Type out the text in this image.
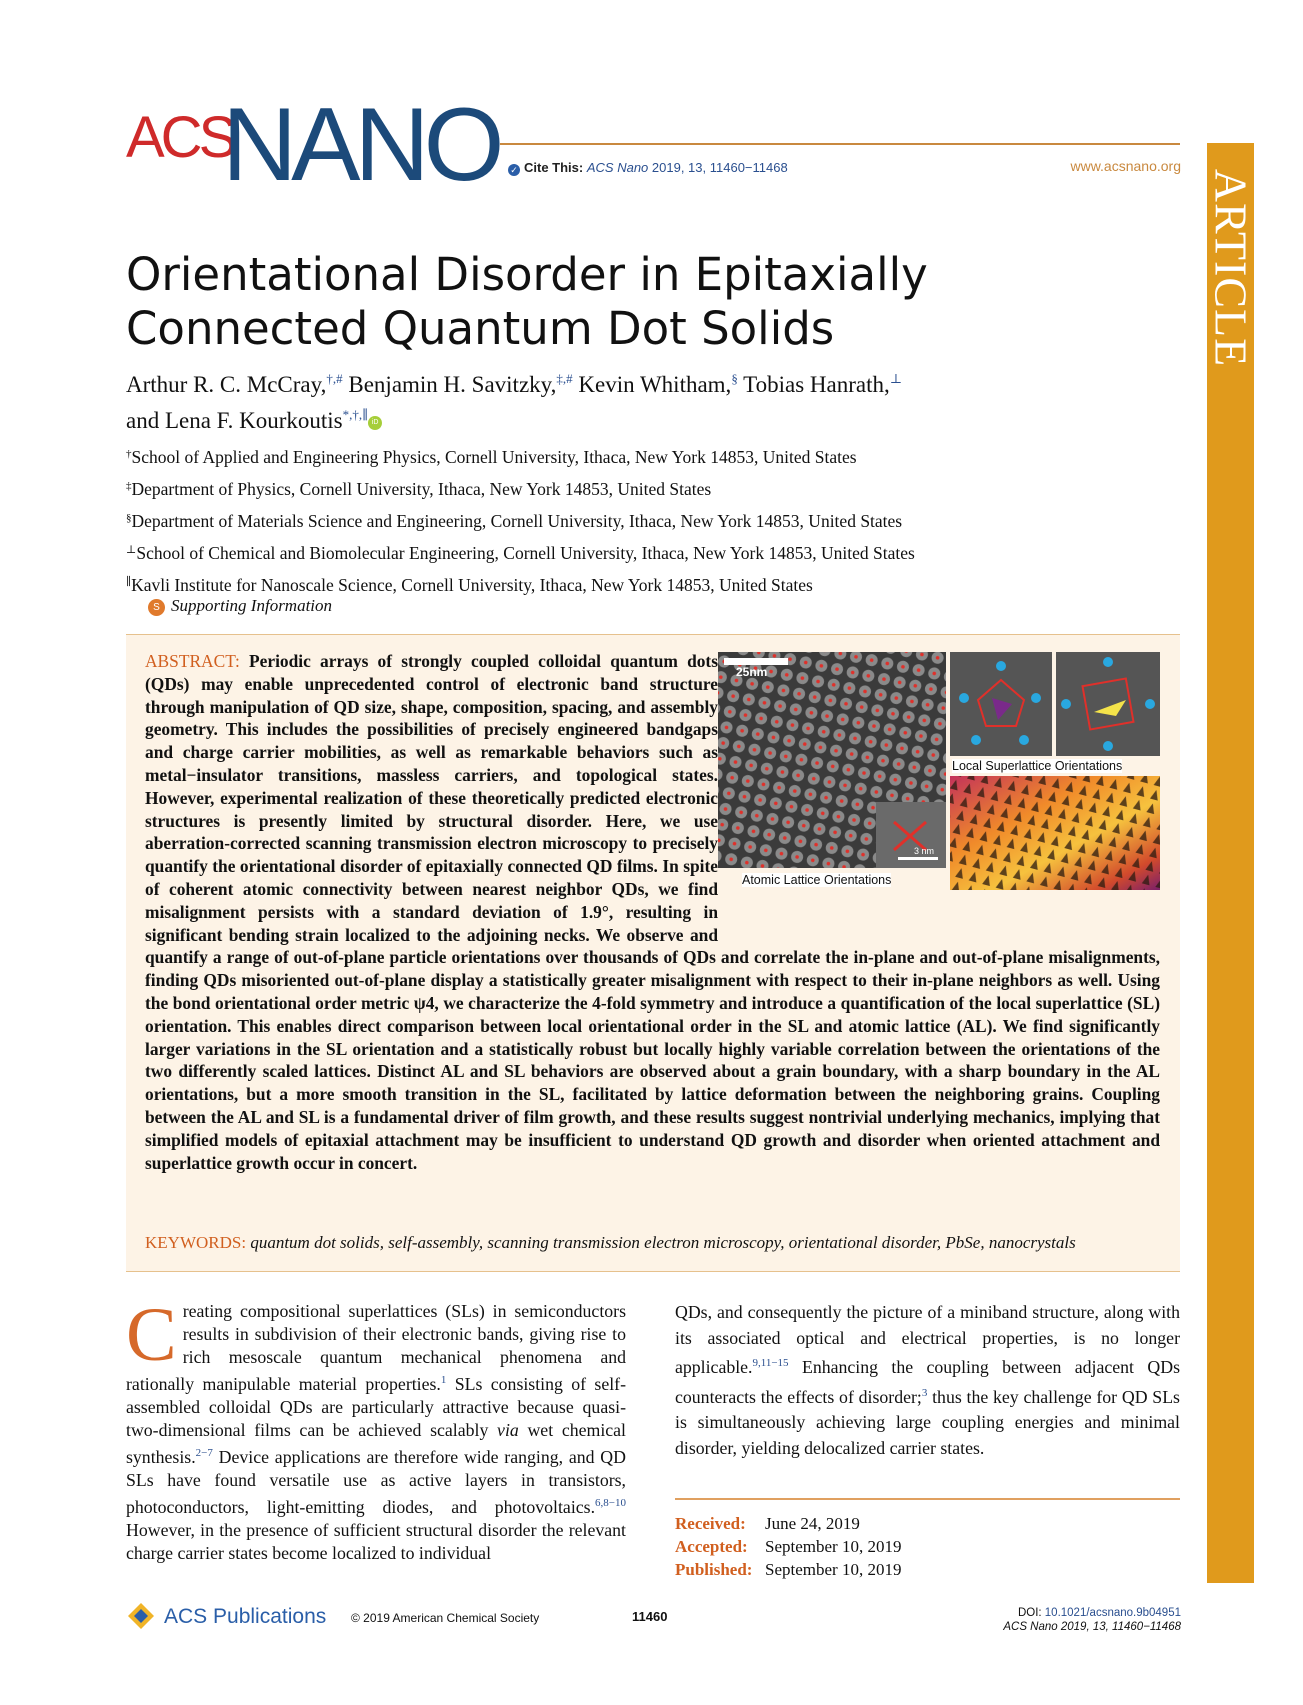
ACS
NANO ✓ Cite This: ACS Nano 2019, 13, 11460−11468	www.acsnano.org
ARTICLE
Orientational Disorder in Epitaxially
Connected Quantum Dot Solids
Arthur R. C. McCray,†,# Benjamin H. Savitzky,‡,# Kevin Whitham,§ Tobias Hanrath,⊥
and Lena F. Kourkoutis*,†,∥iD
†School of Applied and Engineering Physics, Cornell University, Ithaca, New York 14853, United States
‡Department of Physics, Cornell University, Ithaca, New York 14853, United States
§Department of Materials Science and Engineering, Cornell University, Ithaca, New York 14853, United States
⊥School of Chemical and Biomolecular Engineering, Cornell University, Ithaca, New York 14853, United States
∥Kavli Institute for Nanoscale Science, Cornell University, Ithaca, New York 14853, United States
S Supporting Information
ABSTRACT: Periodic arrays of strongly coupled colloidal quantum dots (QDs) may enable unprecedented control of electronic band structure through manipulation of QD size, shape, composition, spacing, and assembly geometry. This includes the possibilities of precisely engineered bandgaps and charge carrier mobilities, as well as remarkable behaviors such as metal−insulator transitions, massless carriers, and topological states. However, experimental realization of these theoretically predicted electronic structures is presently limited by structural disorder. Here, we use aberration-corrected scanning transmission electron microscopy to precisely quantify the orientational disorder of epitaxially connected QD films. In spite of coherent atomic connectivity between nearest neighbor QDs, we find misalignment persists with a standard deviation of 1.9°, resulting in significant bending strain localized to the adjoining necks. We observe and quantify a range of out-of-plane particle orientations over thousands of QDs and correlate the in-plane and out-of-plane misalignments, finding QDs misoriented out-of-plane display a statistically greater misalignment with respect to their in-plane neighbors as well. Using the bond orientational order metric ψ4, we characterize the 4-fold symmetry and introduce a quantification of the local superlattice (SL) orientation. This enables direct comparison between local orientational order in the SL and atomic lattice (AL). We find significantly larger variations in the SL orientation and a statistically robust but locally highly variable correlation between the orientations of the two differently scaled lattices. Distinct AL and SL behaviors are observed about a grain boundary, with a sharp boundary in the AL orientations, but a more smooth transition in the SL, facilitated by lattice deformation between the neighboring grains. Coupling between the AL and SL is a fundamental driver of film growth, and these results suggest nontrivial underlying mechanics, implying that simplified models of epitaxial attachment may be insufficient to understand QD growth and disorder when oriented attachment and superlattice growth occur in concert.
KEYWORDS: quantum dot solids, self-assembly, scanning transmission electron microscopy, orientational disorder, PbSe, nanocrystals
25nm
3 nm
Atomic Lattice Orientations
Local Superlattice Orientations
Creating compositional superlattices (SLs) in semiconductors results in subdivision of their electronic bands, giving rise to rich mesoscale quantum mechanical phenomena and rationally manipulable material properties.$^1$ SLs consisting of self-assembled colloidal QDs are particularly attractive because quasi-two-dimensional films can be achieved scalably via wet chemical synthesis.$^{2-7}$ Device applications are therefore wide ranging, and QD SLs have found versatile use as active layers in transistors, photoconductors, light-emitting diodes, and photovoltaics.$^{6,8-10}$ However, in the presence of sufficient structural disorder the relevant charge carrier states become localized to individual
QDs, and consequently the picture of a miniband structure, along with its associated optical and electrical properties, is no longer applicable.$^{9,11-15}$ Enhancing the coupling between adjacent QDs counteracts the effects of disorder;$^3$ thus the key challenge for QD SLs is simultaneously achieving large coupling energies and minimal disorder, yielding delocalized carrier states.
Received:	June 24, 2019
Accepted:	September 10, 2019
Published: September 10, 2019
ACS Publications © 2019 American Chemical Society	11460	DOI: 10.1021/acsnano.9b04951
ACS Nano 2019, 13, 11460−11468
